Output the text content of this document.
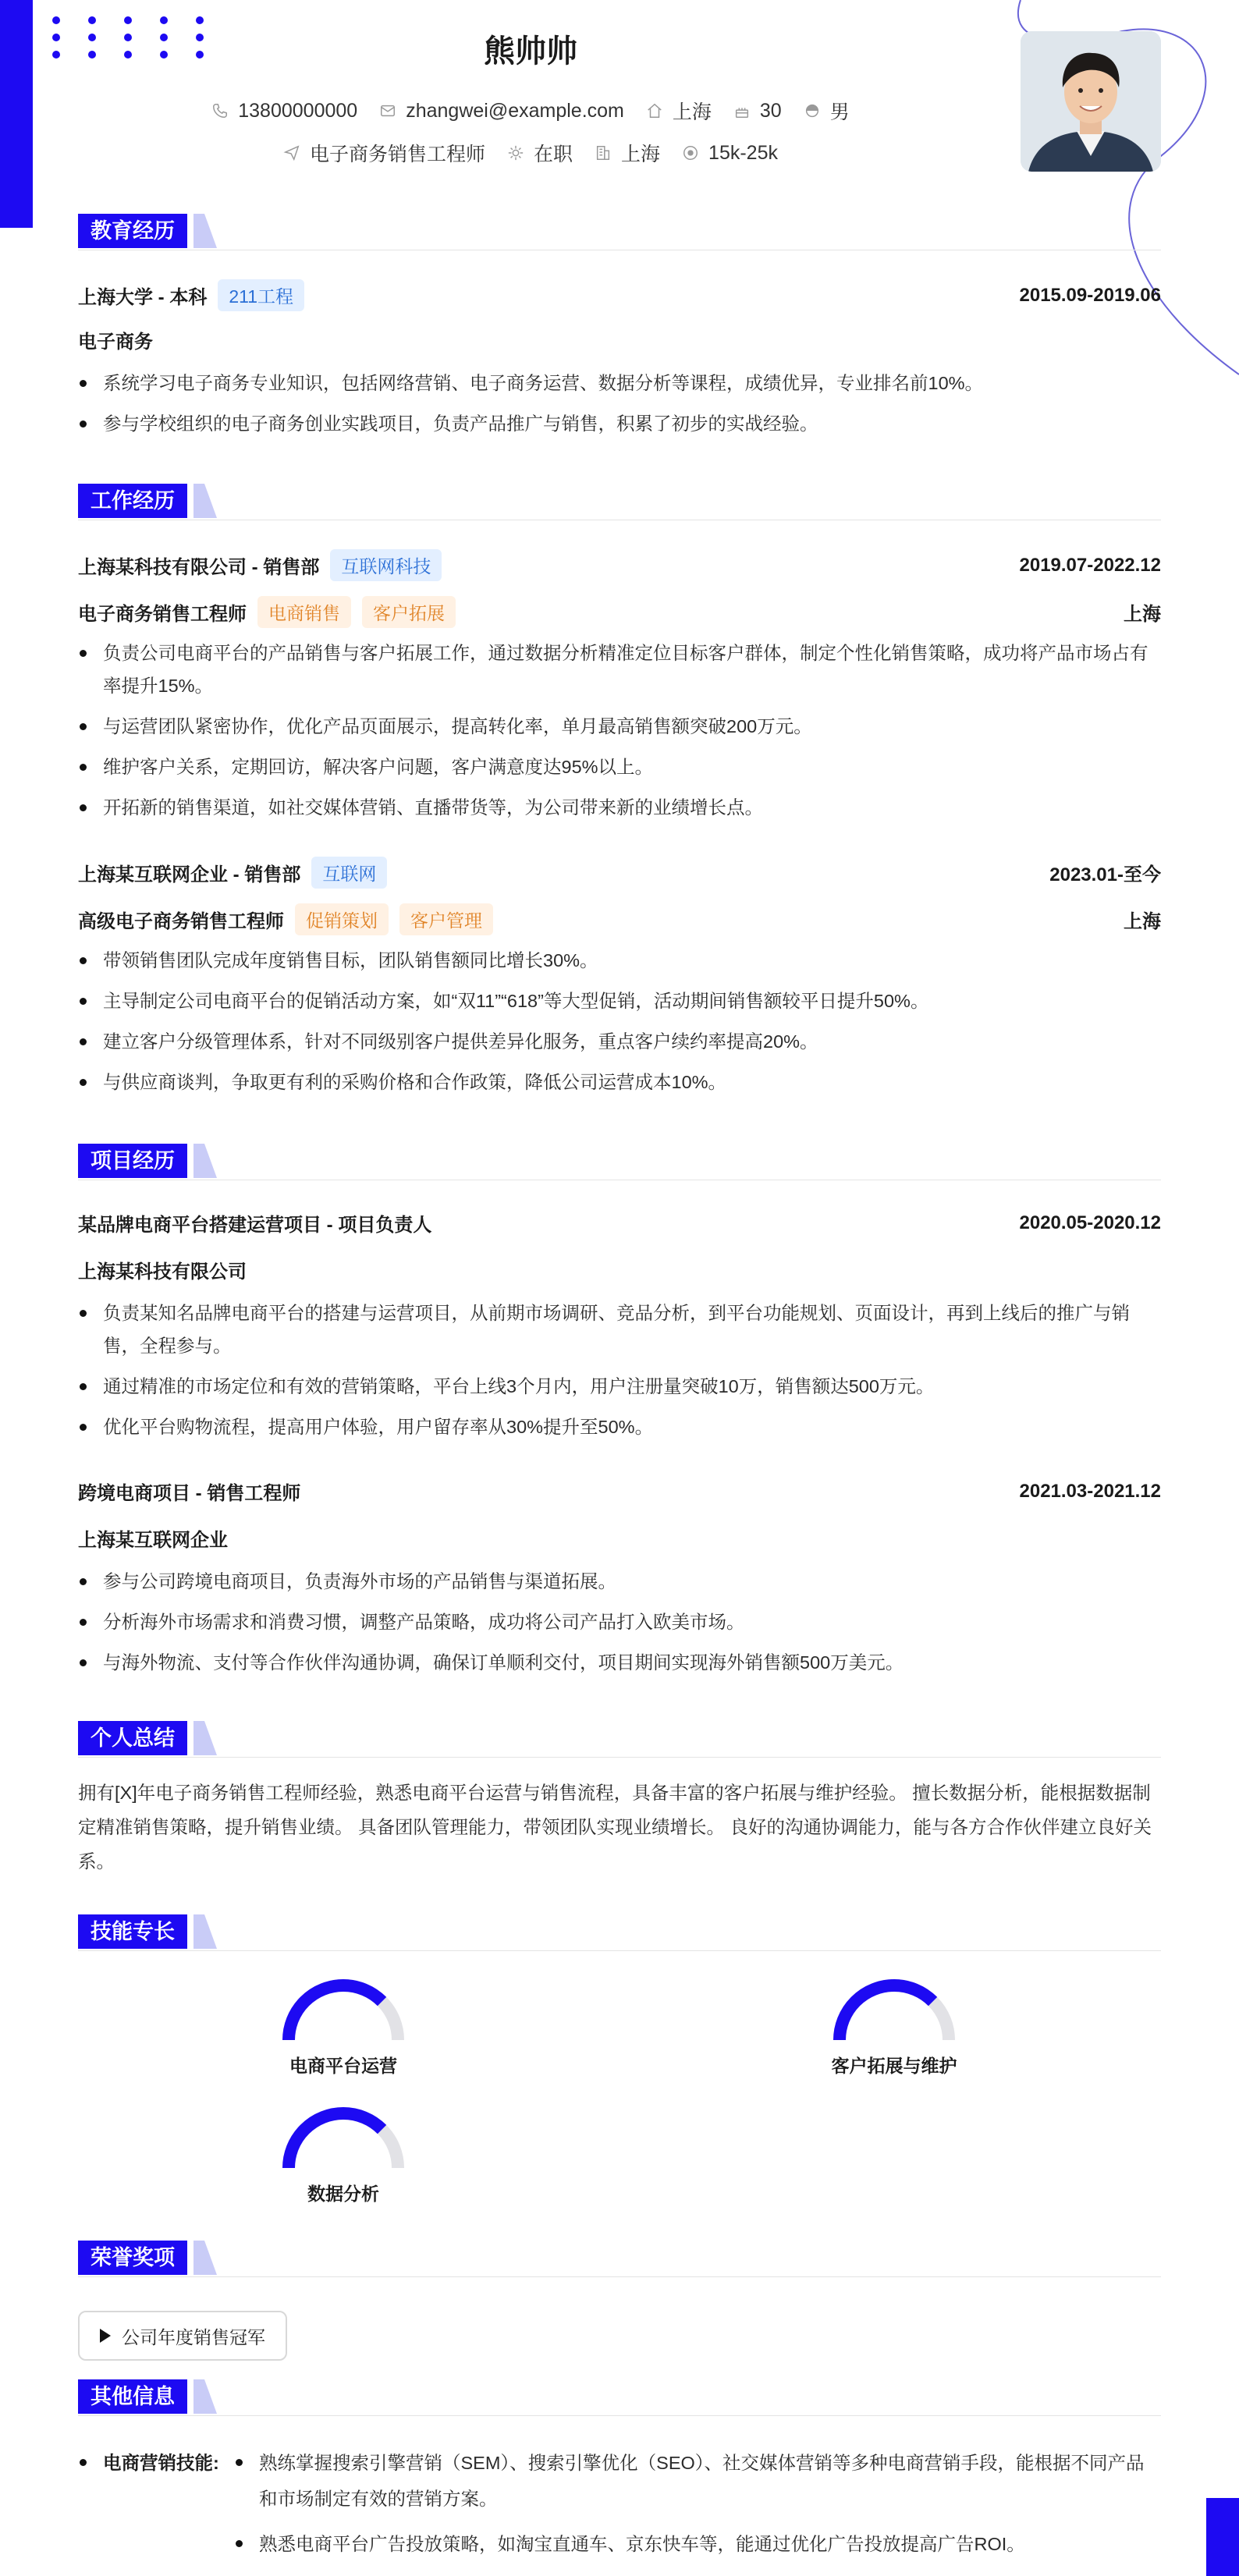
熊帅帅
13800000000 zhangwei@example.com 上海 30 男
电子商务销售工程师 在职 上海 15k-25k
教育经历
上海大学 - 本科	211工程	2015.09-2019.06
电子商务
系统学习电子商务专业知识，包括网络营销、电子商务运营、数据分析等课程，成绩优异，专业排名前10%。
参与学校组织的电子商务创业实践项目，负责产品推广与销售，积累了初步的实战经验。
工作经历
上海某科技有限公司 - 销售部	互联网科技	2019.07-2022.12
电子商务销售工程师	电商销售	客户拓展	上海
负责公司电商平台的产品销售与客户拓展工作，通过数据分析精准定位目标客户群体，制定个性化销售策略，成功将产品市场占有率提升15%。
与运营团队紧密协作，优化产品页面展示，提高转化率，单月最高销售额突破200万元。
维护客户关系，定期回访，解决客户问题，客户满意度达95%以上。
开拓新的销售渠道，如社交媒体营销、直播带货等，为公司带来新的业绩增长点。
上海某互联网企业 - 销售部	互联网	2023.01-至今
高级电子商务销售工程师	促销策划	客户管理	上海
带领销售团队完成年度销售目标，团队销售额同比增长30%。
主导制定公司电商平台的促销活动方案，如“双11”“618”等大型促销，活动期间销售额较平日提升50%。
建立客户分级管理体系，针对不同级别客户提供差异化服务，重点客户续约率提高20%。
与供应商谈判，争取更有利的采购价格和合作政策，降低公司运营成本10%。
项目经历
某品牌电商平台搭建运营项目 - 项目负责人	2020.05-2020.12
上海某科技有限公司
负责某知名品牌电商平台的搭建与运营项目，从前期市场调研、竞品分析，到平台功能规划、页面设计，再到上线后的推广与销售，全程参与。
通过精准的市场定位和有效的营销策略，平台上线3个月内，用户注册量突破10万，销售额达500万元。
优化平台购物流程，提高用户体验，用户留存率从30%提升至50%。
跨境电商项目 - 销售工程师	2021.03-2021.12
上海某互联网企业
参与公司跨境电商项目，负责海外市场的产品销售与渠道拓展。
分析海外市场需求和消费习惯，调整产品策略，成功将公司产品打入欧美市场。
与海外物流、支付等合作伙伴沟通协调，确保订单顺利交付，项目期间实现海外销售额500万美元。
个人总结
拥有[X]年电子商务销售工程师经验，熟悉电商平台运营与销售流程，具备丰富的客户拓展与维护经验。 擅长数据分析，能根据数据制定精准销售策略，提升销售业绩。 具备团队管理能力，带领团队实现业绩增长。 良好的沟通协调能力，能与各方合作伙伴建立良好关系。
技能专长
电商平台运营	客户拓展与维护
数据分析
荣誉奖项
公司年度销售冠军
其他信息
电商营销技能:	熟练掌握搜索引擎营销（SEM）、搜索引擎优化（SEO）、社交媒体营销等多种电商营销手段，能根据不同产品和市场制定有效的营销方案。
熟悉电商平台广告投放策略，如淘宝直通车、京东快车等，能通过优化广告投放提高广告ROI。
